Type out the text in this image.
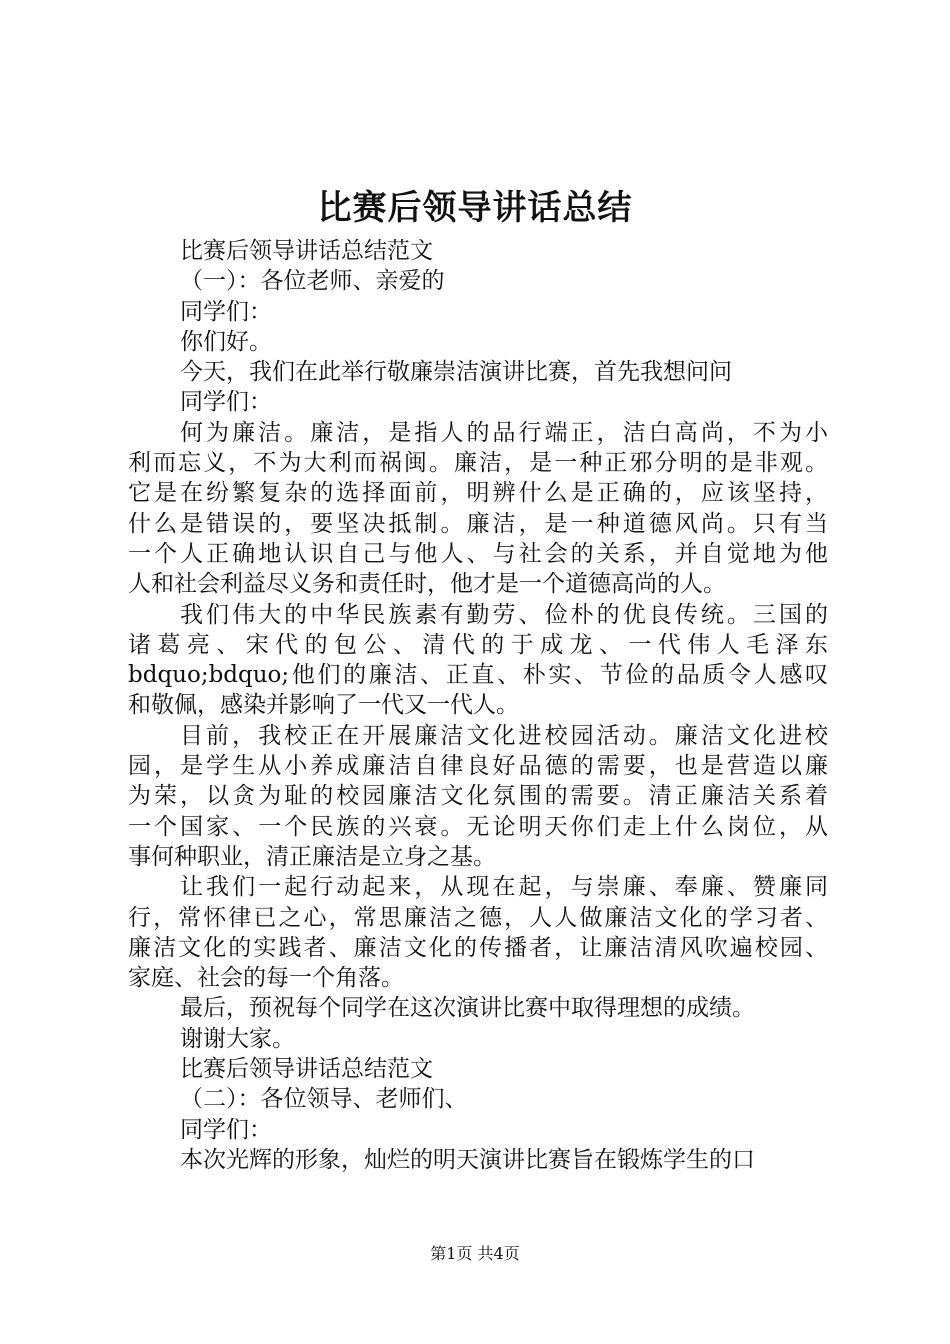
比赛后领导讲话总结
比赛后领导讲话总结范文
（一）：各位老师、亲爱的
同学们：
你们好。
今天，我们在此举行敬廉崇洁演讲比赛，首先我想问问
同学们：
何为廉洁。廉洁，是指人的品行端正，洁白高尚，不为小
利而忘义，不为大利而祸闽。廉洁，是一种正邪分明的是非观。
它是在纷繁复杂的选择面前，明辨什么是正确的，应该坚持，
什么是错误的，要坚决抵制。廉洁，是一种道德风尚。只有当
一个人正确地认识自己与他人、与社会的关系，并自觉地为他
人和社会利益尽义务和责任时，他才是一个道德高尚的人。
我们伟大的中华民族素有勤劳、俭朴的优良传统。三国的
诸葛亮、宋代的包公、清代的于成龙、一代伟人毛泽东
bdquo;bdquo;他们的廉洁、正直、朴实、节俭的品质令人感叹
和敬佩，感染并影响了一代又一代人。
目前，我校正在开展廉洁文化进校园活动。廉洁文化进校
园，是学生从小养成廉洁自律良好品德的需要，也是营造以廉
为荣，以贪为耻的校园廉洁文化氛围的需要。清正廉洁关系着
一个国家、一个民族的兴衰。无论明天你们走上什么岗位，从
事何种职业，清正廉洁是立身之基。
让我们一起行动起来，从现在起，与崇廉、奉廉、赞廉同
行，常怀律已之心，常思廉洁之德，人人做廉洁文化的学习者、
廉洁文化的实践者、廉洁文化的传播者，让廉洁清风吹遍校园、
家庭、社会的每一个角落。
最后，预祝每个同学在这次演讲比赛中取得理想的成绩。
谢谢大家。
比赛后领导讲话总结范文
（二）：各位领导、老师们、
同学们：
本次光辉的形象，灿烂的明天演讲比赛旨在锻炼学生的口
第1页 共4页
